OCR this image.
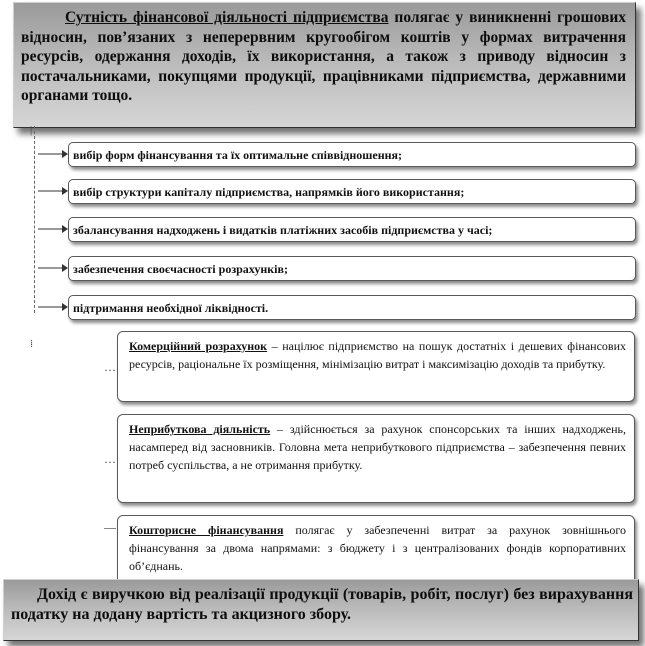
Сутність фінансової діяльності підприємства полягає у виникненні грошових відносин, пов’язаних з неперервним кругообігом коштів у формах витрачення ресурсів, одержання доходів, їх використання, а також з приводу відносин з постачальниками, покупцями продукції, працівниками підприємства, державними органами тощо.
|
⁞
вибір форм фінансування та їх оптимальне співвідношення;
вибір структури капіталу підприємства, напрямків його використання;
збалансування надходжень і видатків платіжних засобів підприємства у часі;
забезпечення своєчасності розрахунків;
підтримання необхідної ліквідності.
…
Комерційний розрахунок – націлює підприємство на пошук достатніх і дешевих фінансових ресурсів, раціональне їх розміщення, мінімізацію витрат і максимізацію доходів та прибутку.
…
Неприбуткова діяльність – здійснюється за рахунок спонсорських та інших надходжень, насамперед від засновників. Головна мета неприбуткового підприємства – забезпечення певних потреб суспільства, а не отримання прибутку.
—	Кошторисне фінансування полягає у забезпеченні витрат за рахунок зовнішнього фінансування за двома напрямами: з бюджету і з централізованих фондів корпоративних об’єднань.
Дохід є виручкою від реалізації продукції (товарів, робіт, послуг) без вирахування податку на додану вартість та акцизного збору.
